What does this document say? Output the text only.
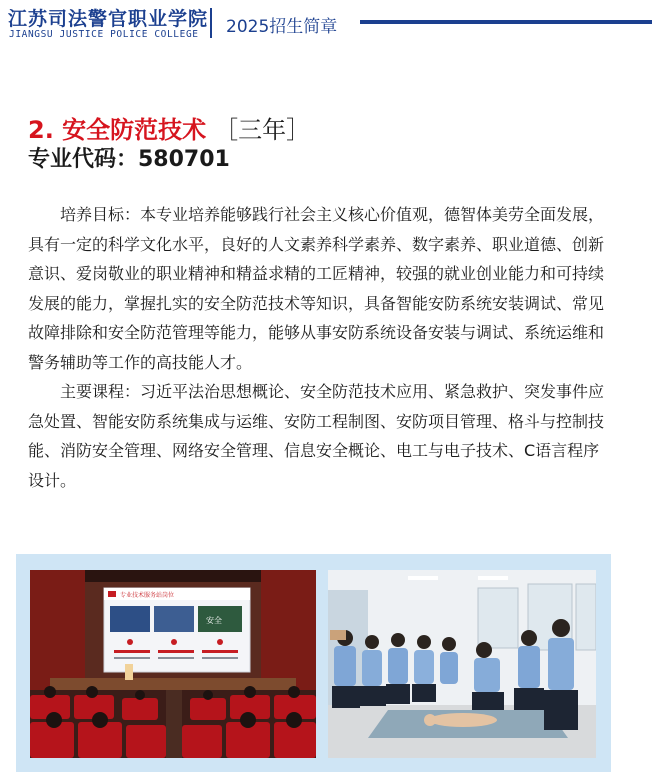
江苏司法警官职业学院
JIANGSU JUSTICE POLICE COLLEGE 2025招生简章
2. 安全防范技术 ［三年］
专业代码：580701

培养目标：本专业培养能够践行社会主义核心价值观，德智体美劳全面发展，具有一定的科学文化水平，良好的人文素养科学素养、数字素养、职业道德、创新意识、爱岗敬业的职业精神和精益求精的工匠精神，较强的就业创业能力和可持续发展的能力，掌握扎实的安全防范技术等知识，具备智能安防系统安装调试、常见故障排除和安全防范管理等能力，能够从事安防系统设备安装与调试、系统运维和警务辅助等工作的高技能人才。

主要课程：习近平法治思想概论、安全防范技术应用、紧急救护、突发事件应急处置、智能安防系统集成与运维、安防工程制图、安防项目管理、格斗与控制技能、消防安全管理、网络安全管理、信息安全概论、电工与电子技术、C语言程序设计。

专业技术服务站岗位
安全
